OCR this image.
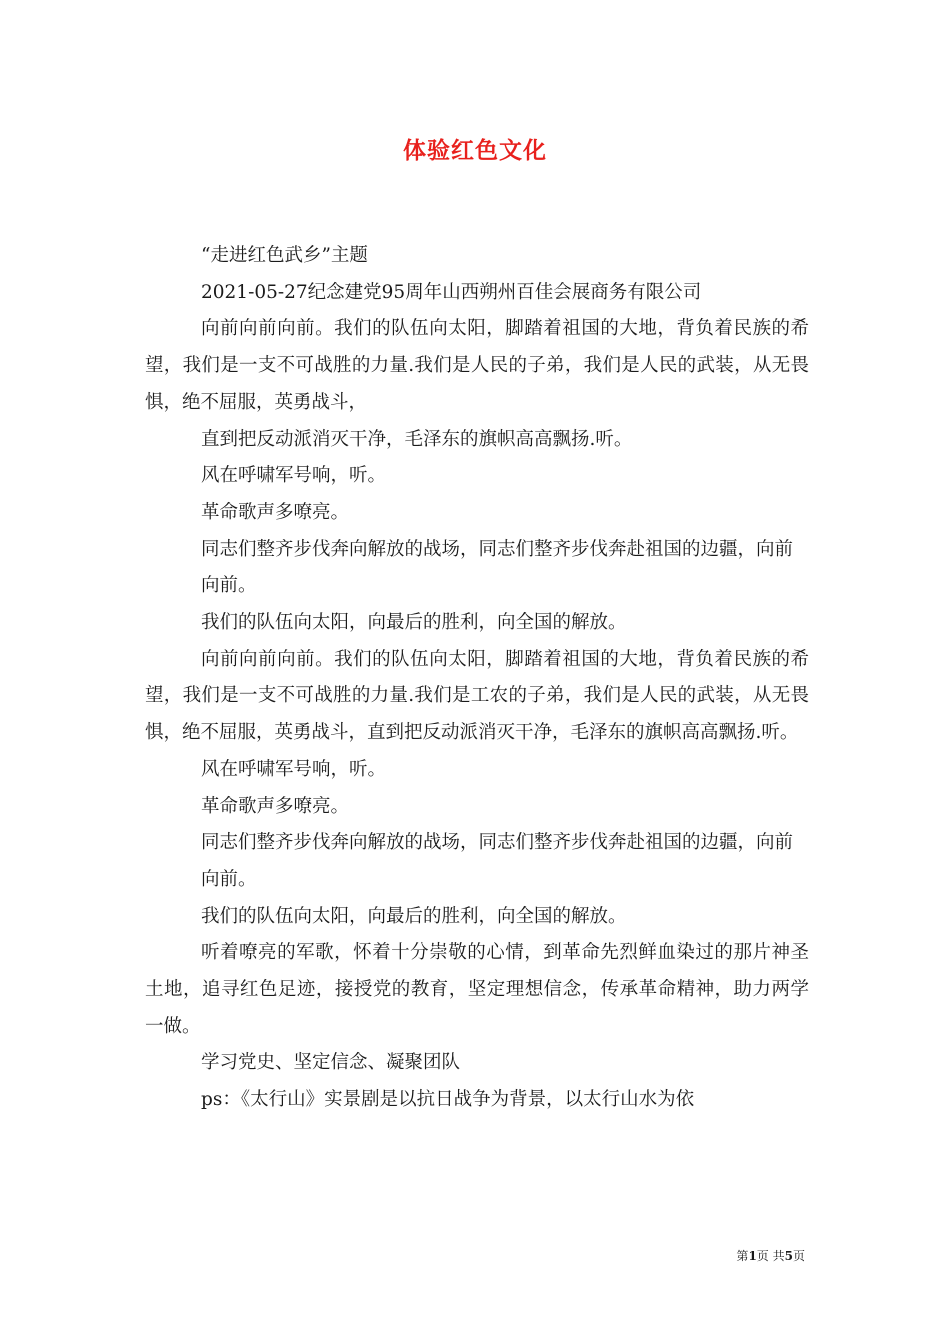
体验红色文化

“走进红色武乡”主题

2021-05-27纪念建党95周年山西朔州百佳会展商务有限公司

向前向前向前。我们的队伍向太阳，脚踏着祖国的大地，背负着民族的希望，我们是一支不可战胜的力量.我们是人民的子弟，我们是人民的武装，从无畏惧，绝不屈服，英勇战斗，

直到把反动派消灭干净，毛泽东的旗帜高高飘扬.听。

风在呼啸军号响，听。

革命歌声多嘹亮。

同志们整齐步伐奔向解放的战场，同志们整齐步伐奔赴祖国的边疆，向前

向前。

我们的队伍向太阳，向最后的胜利，向全国的解放。

向前向前向前。我们的队伍向太阳，脚踏着祖国的大地，背负着民族的希望，我们是一支不可战胜的力量.我们是工农的子弟，我们是人民的武装，从无畏惧，绝不屈服，英勇战斗，直到把反动派消灭干净，毛泽东的旗帜高高飘扬.听。

风在呼啸军号响，听。

革命歌声多嘹亮。

同志们整齐步伐奔向解放的战场，同志们整齐步伐奔赴祖国的边疆，向前

向前。

我们的队伍向太阳，向最后的胜利，向全国的解放。

听着嘹亮的军歌，怀着十分崇敬的心情，到革命先烈鲜血染过的那片神圣土地，追寻红色足迹，接授党的教育，坚定理想信念，传承革命精神，助力两学一做。

学习党史、坚定信念、凝聚团队

ps：《太行山》实景剧是以抗日战争为背景，以太行山水为依

第1页 共5页
